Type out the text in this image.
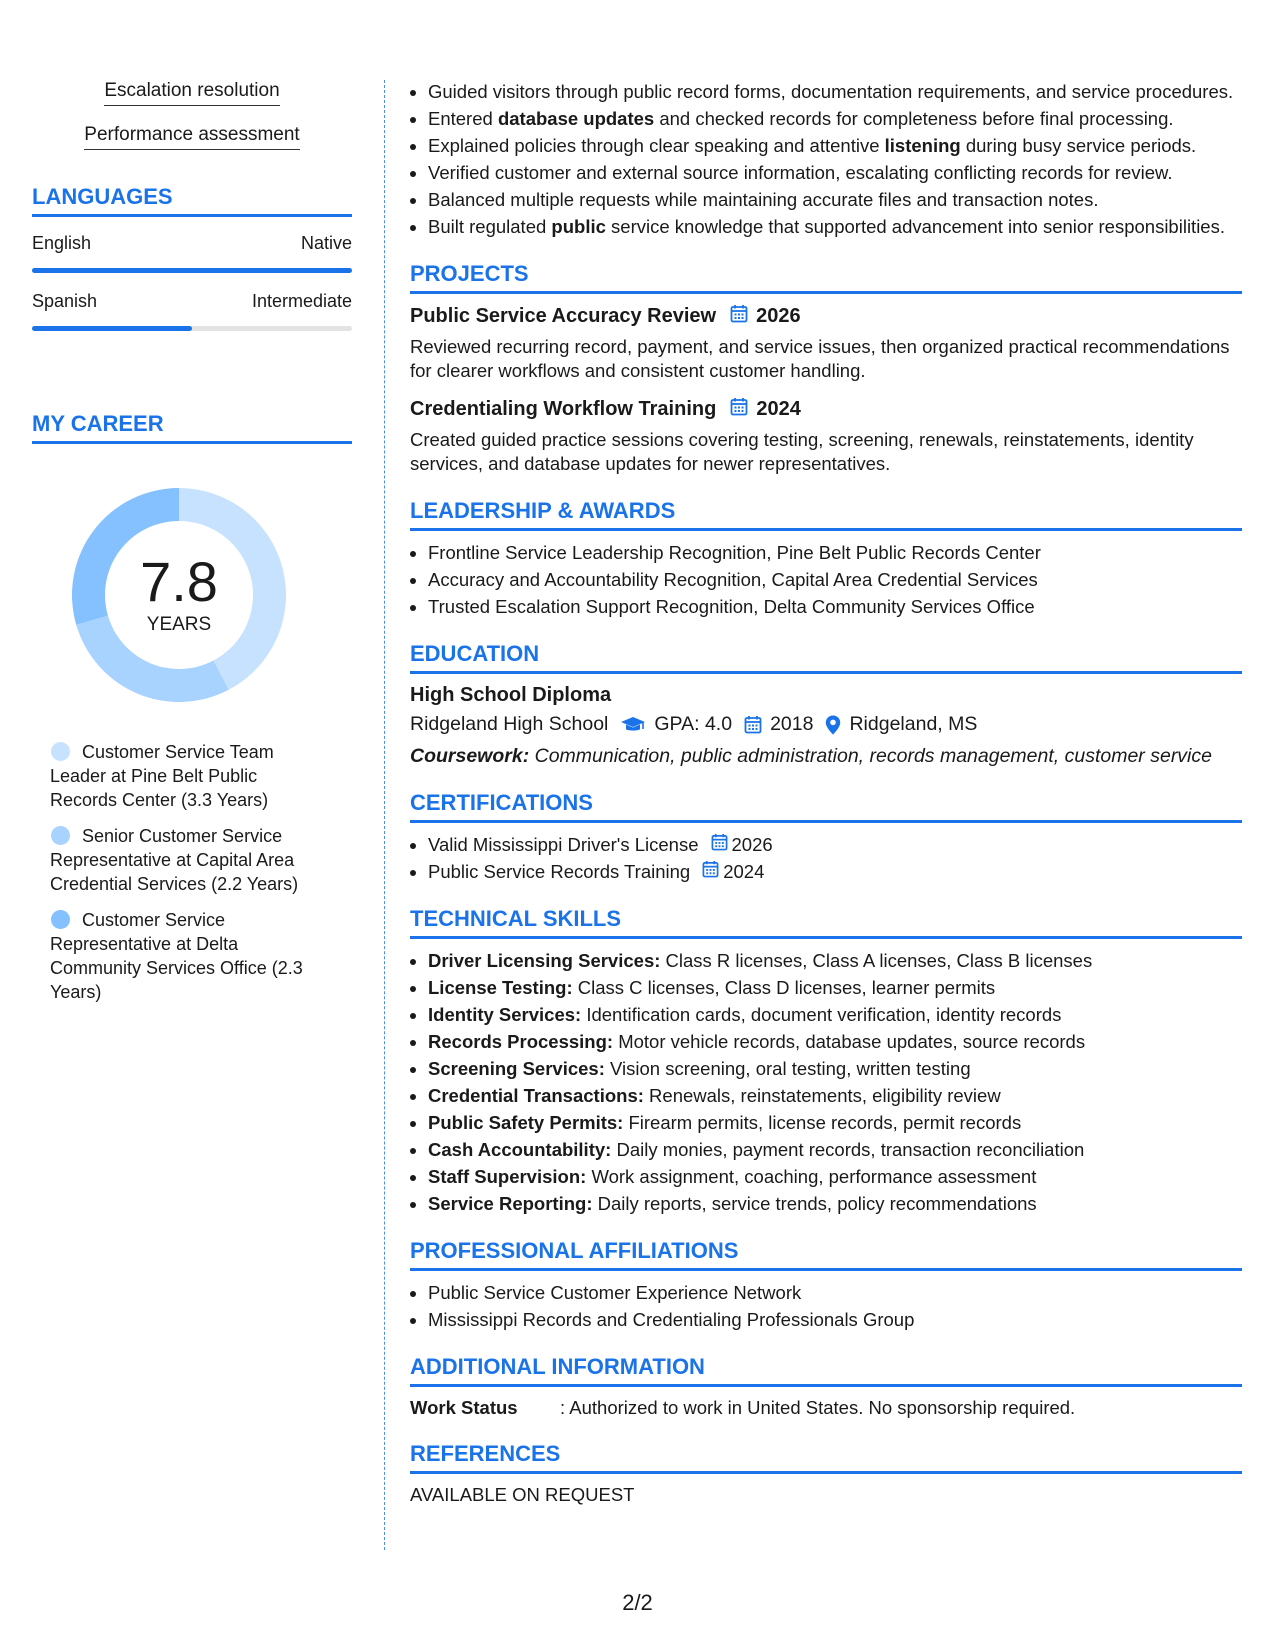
Escalation resolution
Performance assessment
LANGUAGES
English	Native
Spanish	Intermediate
MY CAREER
7.8
YEARS
Customer Service Team Leader at Pine Belt Public Records Center (3.3 Years)
Senior Customer Service Representative at Capital Area Credential Services (2.2 Years)
Customer Service Representative at Delta Community Services Office (2.3 Years)
• Guided visitors through public record forms, documentation requirements, and service procedures.
• Entered database updates and checked records for completeness before final processing.
• Explained policies through clear speaking and attentive listening during busy service periods.
• Verified customer and external source information, escalating conflicting records for review.
• Balanced multiple requests while maintaining accurate files and transaction notes.
• Built regulated public service knowledge that supported advancement into senior responsibilities.
PROJECTS
Public Service Accuracy Review 2026
Reviewed recurring record, payment, and service issues, then organized practical recommendations for clearer workflows and consistent customer handling.
Credentialing Workflow Training 2024
Created guided practice sessions covering testing, screening, renewals, reinstatements, identity services, and database updates for newer representatives.
LEADERSHIP & AWARDS
• Frontline Service Leadership Recognition, Pine Belt Public Records Center
• Accuracy and Accountability Recognition, Capital Area Credential Services
• Trusted Escalation Support Recognition, Delta Community Services Office
EDUCATION
High School Diploma
Ridgeland High School GPA: 4.0 2018 Ridgeland, MS
Coursework: Communication, public administration, records management, customer service
CERTIFICATIONS
• Valid Mississippi Driver's License 2026
• Public Service Records Training 2024
TECHNICAL SKILLS
• Driver Licensing Services: Class R licenses, Class A licenses, Class B licenses
• License Testing: Class C licenses, Class D licenses, learner permits
• Identity Services: Identification cards, document verification, identity records
• Records Processing: Motor vehicle records, database updates, source records
• Screening Services: Vision screening, oral testing, written testing
• Credential Transactions: Renewals, reinstatements, eligibility review
• Public Safety Permits: Firearm permits, license records, permit records
• Cash Accountability: Daily monies, payment records, transaction reconciliation
• Staff Supervision: Work assignment, coaching, performance assessment
• Service Reporting: Daily reports, service trends, policy recommendations
PROFESSIONAL AFFILIATIONS
• Public Service Customer Experience Network
• Mississippi Records and Credentialing Professionals Group
ADDITIONAL INFORMATION
Work Status	: Authorized to work in United States. No sponsorship required.
REFERENCES
AVAILABLE ON REQUEST
2/2
